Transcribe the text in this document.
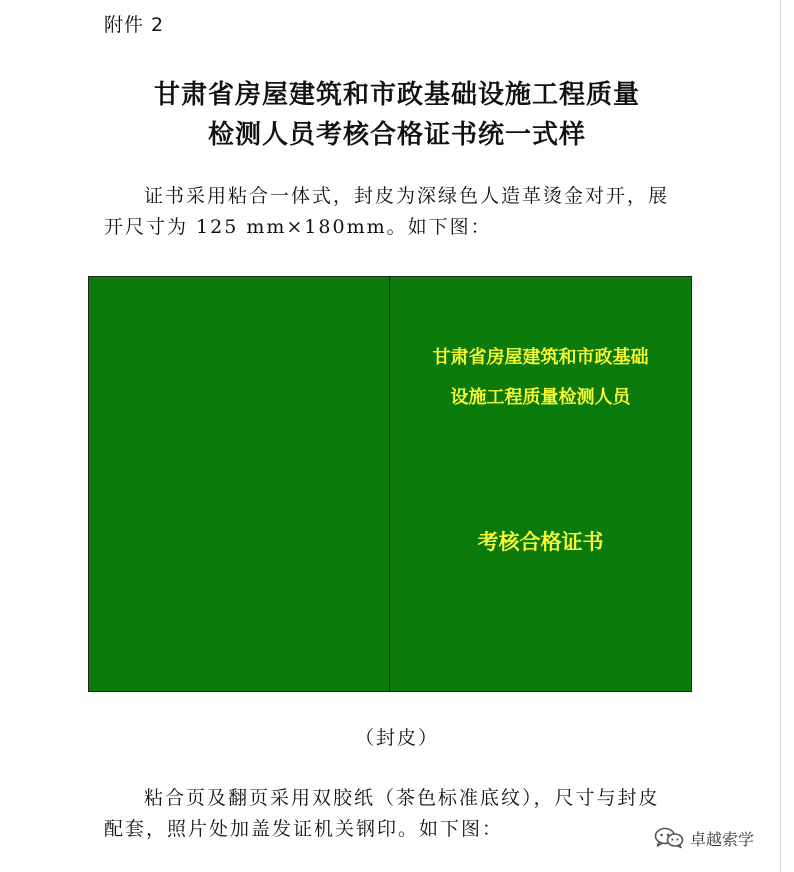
附件 2
甘肃省房屋建筑和市政基础设施工程质量
检测人员考核合格证书统一式样
证书采用粘合一体式，封皮为深绿色人造革烫金对开，展
开尺寸为 125 mm×180mm。如下图：
甘肃省房屋建筑和市政基础
设施工程质量检测人员
考核合格证书
（封皮）
粘合页及翻页采用双胶纸（茶色标准底纹），尺寸与封皮
配套，照片处加盖发证机关钢印。如下图：	卓越索学
